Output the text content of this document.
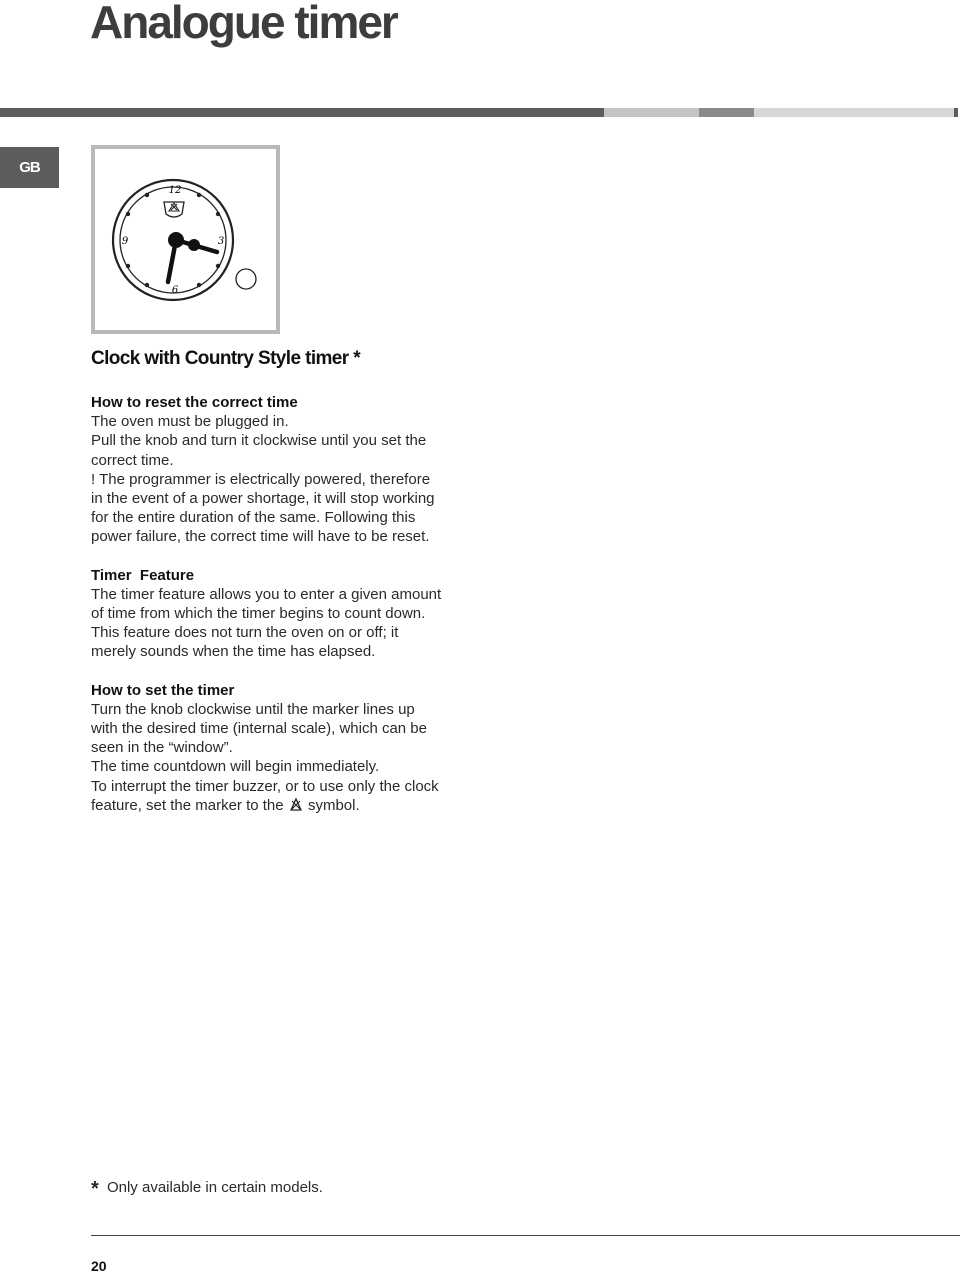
Analogue timer
GB
12
3
6
9
Clock with Country Style timer *

How to reset the correct time

The oven must be plugged in.

Pull the knob and turn it clockwise until you set the

correct time.

! The programmer is electrically powered, therefore

in the event of a power shortage, it will stop working

for the entire duration of the same. Following this

power failure, the correct time will have to be reset.

Timer  Feature

The timer feature allows you to enter a given amount

of time from which the timer begins to count down.

This feature does not turn the oven on or off; it

merely sounds when the time has elapsed.

How to set the timer

Turn the knob clockwise until the marker lines up

with the desired time (internal scale), which can be

seen in the “window”.

The time countdown will begin immediately.

To interrupt the timer buzzer, or to use only the clock

feature, set the marker to the symbol.

* Only available in certain models.
20
